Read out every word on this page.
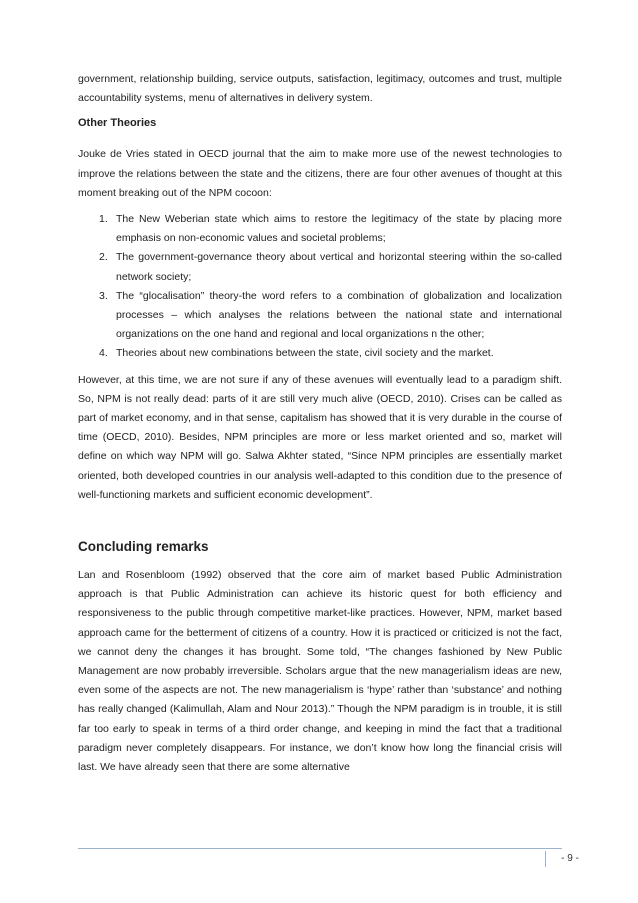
government, relationship building, service outputs, satisfaction, legitimacy, outcomes and trust, multiple accountability systems, menu of alternatives in delivery system.

Other Theories

Jouke de Vries stated in OECD journal that the aim to make more use of the newest technologies to improve the relations between the state and the citizens, there are four other avenues of thought at this moment breaking out of the NPM cocoon:

1. The New Weberian state which aims to restore the legitimacy of the state by placing more emphasis on non-economic values and societal problems;
2. The government-governance theory about vertical and horizontal steering within the so-called network society;
3. The “glocalisation” theory-the word refers to a combination of globalization and localization processes – which analyses the relations between the national state and international organizations on the one hand and regional and local organizations n the other;
4. Theories about new combinations between the state, civil society and the market.

However, at this time, we are not sure if any of these avenues will eventually lead to a paradigm shift. So, NPM is not really dead: parts of it are still very much alive (OECD, 2010). Crises can be called as part of market economy, and in that sense, capitalism has showed that it is very durable in the course of time (OECD, 2010). Besides, NPM principles are more or less market oriented and so, market will define on which way NPM will go. Salwa Akhter stated, “Since NPM principles are essentially market oriented, both developed countries in our analysis well-adapted to this condition due to the presence of well-functioning markets and sufficient economic development”.

Concluding remarks

Lan and Rosenbloom (1992) observed that the core aim of market based Public Administration approach is that Public Administration can achieve its historic quest for both efficiency and responsiveness to the public through competitive market-like practices. However, NPM, market based approach came for the betterment of citizens of a country. How it is practiced or criticized is not the fact, we cannot deny the changes it has brought. Some told, “The changes fashioned by New Public Management are now probably irreversible. Scholars argue that the new managerialism ideas are new, even some of the aspects are not. The new managerialism is ‘hype’ rather than ‘substance’ and nothing has really changed (Kalimullah, Alam and Nour 2013).” Though the NPM paradigm is in trouble, it is still far too early to speak in terms of a third order change, and keeping in mind the fact that a traditional paradigm never completely disappears. For instance, we don’t know how long the financial crisis will last. We have already seen that there are some alternative

- 9 -
